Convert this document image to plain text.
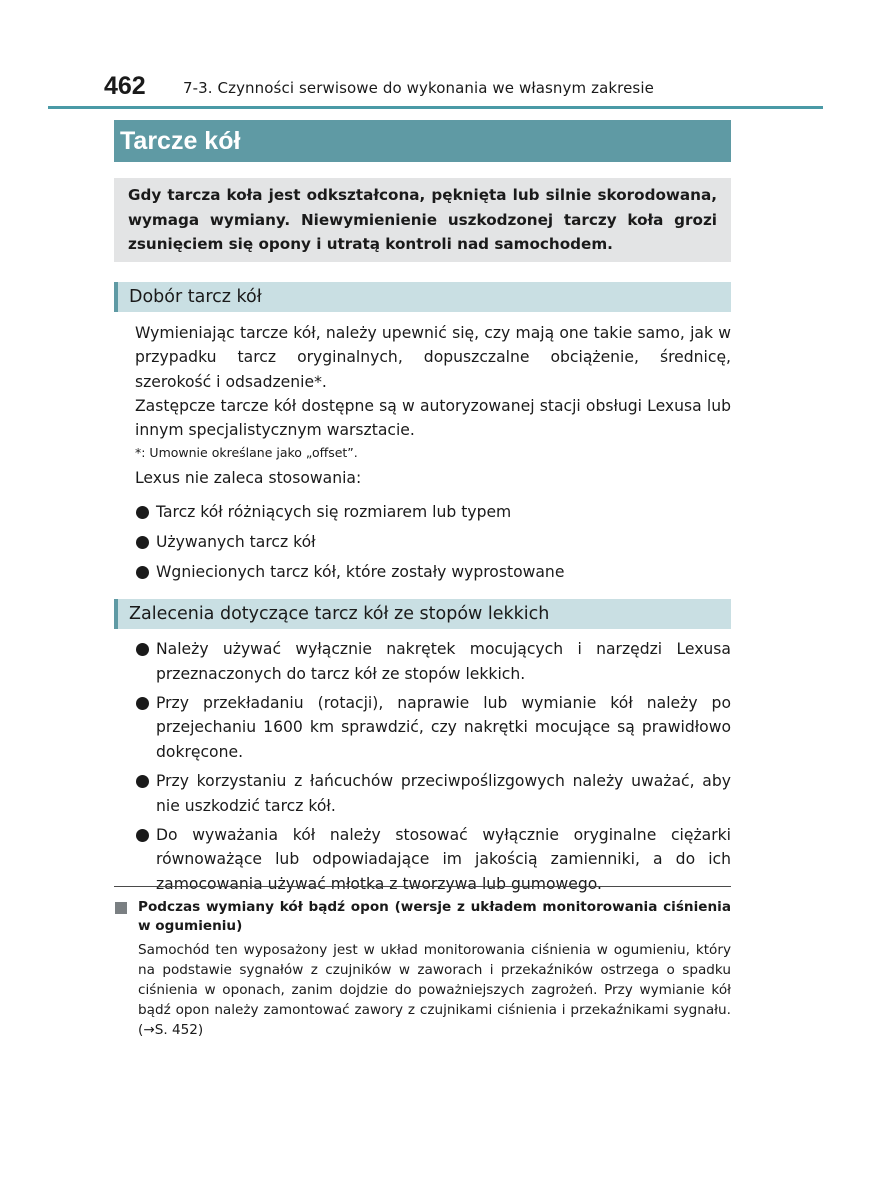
462 7-3. Czynności serwisowe do wykonania we własnym zakresie
Tarcze kół
Gdy tarcza koła jest odkształcona, pęknięta lub silnie skorodowana, wymaga wymiany. Niewymienienie uszkodzonej tarczy koła grozi zsunięciem się opony i utratą kontroli nad samochodem.
Dobór tarcz kół

Wymieniając tarcze kół, należy upewnić się, czy mają one takie samo, jak w przypadku tarcz oryginalnych, dopuszczalne obciążenie, średnicę, szerokość i odsadzenie*.

Zastępcze tarcze kół dostępne są w autoryzowanej stacji obsługi Lexusa lub innym specjalistycznym warsztacie.

*: Umownie określane jako „offset”.

Lexus nie zaleca stosowania:

Tarcz kół różniących się rozmiarem lub typem
Używanych tarcz kół
Wgniecionych tarcz kół, które zostały wyprostowane
Zalecenia dotyczące tarcz kół ze stopów lekkich
Należy używać wyłącznie nakrętek mocujących i narzędzi Lexusa przeznaczonych do tarcz kół ze stopów lekkich.
Przy przekładaniu (rotacji), naprawie lub wymianie kół należy po przejechaniu 1600 km sprawdzić, czy nakrętki mocujące są prawidłowo dokręcone.
Przy korzystaniu z łańcuchów przeciwpoślizgowych należy uważać, aby nie uszkodzić tarcz kół.
Do wyważania kół należy stosować wyłącznie oryginalne ciężarki równoważące lub odpowiadające im jakością zamienniki, a do ich zamocowania używać młotka z tworzywa lub gumowego.
Podczas wymiany kół bądź opon (wersje z układem monitorowania ciśnienia w ogumieniu)
Samochód ten wyposażony jest w układ monitorowania ciśnienia w ogumieniu, który na podstawie sygnałów z czujników w zaworach i przekaźników ostrzega o spadku ciśnienia w oponach, zanim dojdzie do poważniejszych zagrożeń. Przy wymianie kół bądź opon należy zamontować zawory z czujnikami ciśnienia i przekaźnikami sygnału. (→S. 452)
